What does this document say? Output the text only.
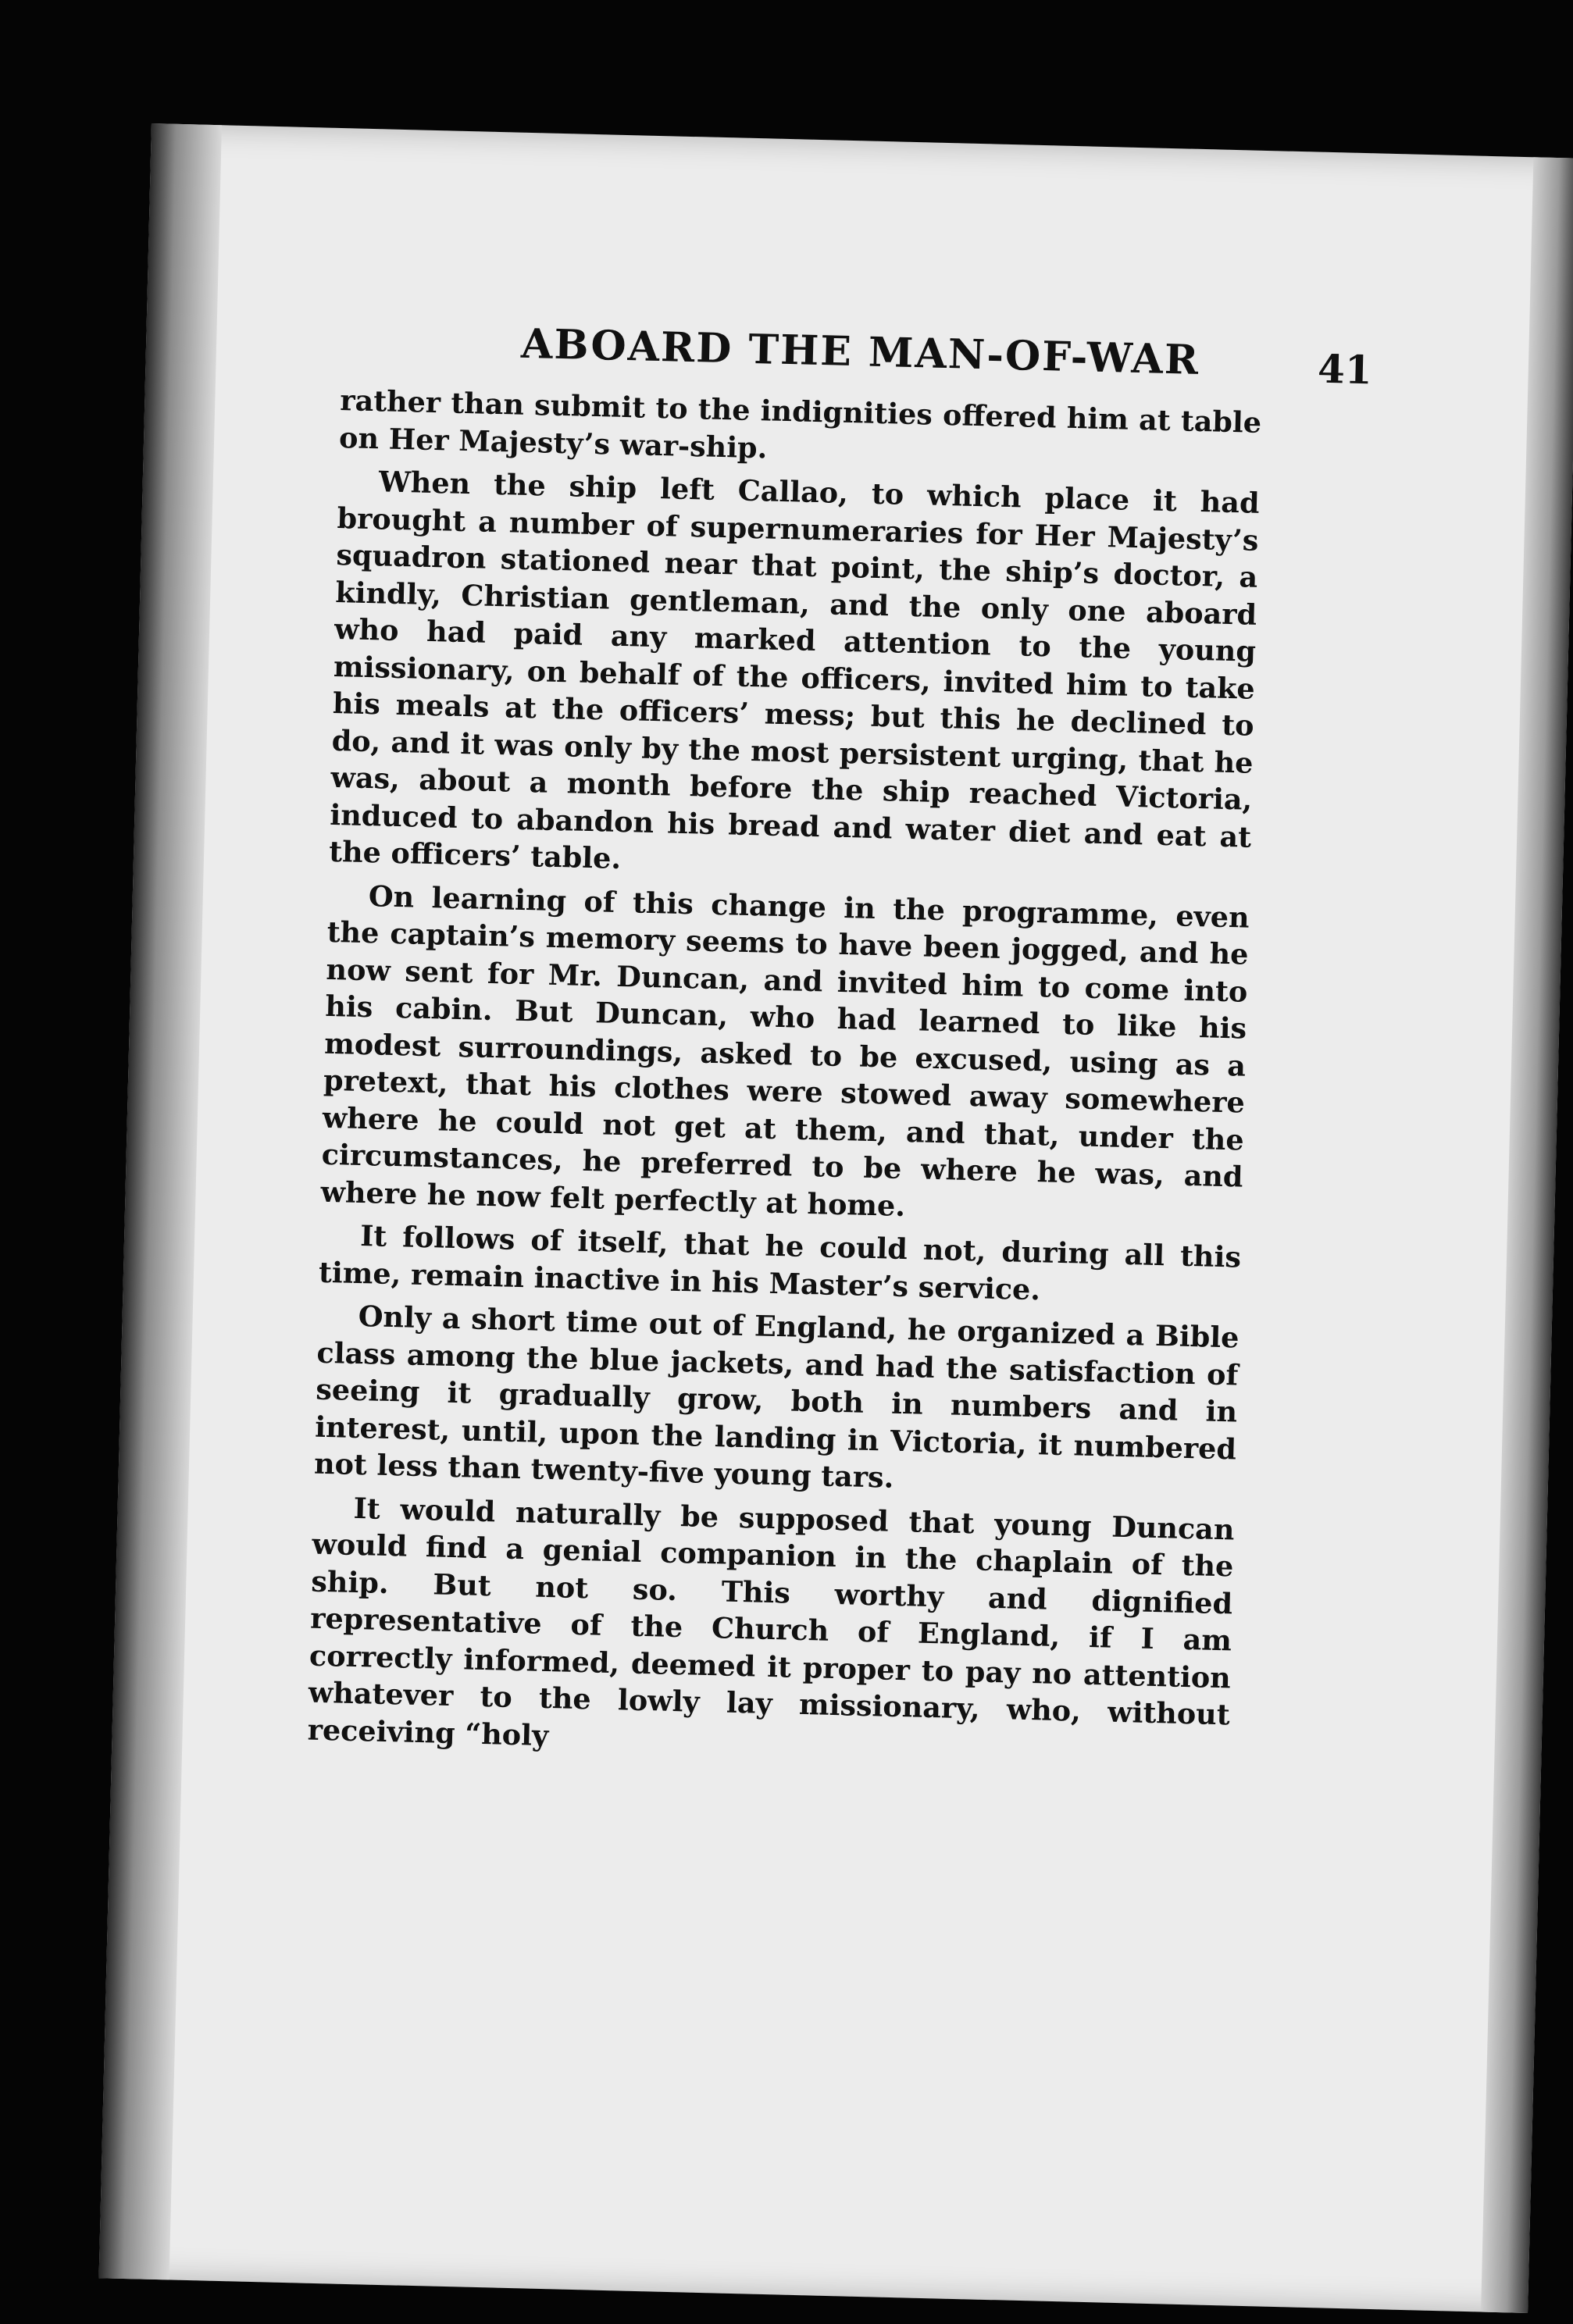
ABOARD THE MAN-OF-WAR	41

rather than submit to the indignities offered him at table on Her Majesty’s war-ship.

When the ship left Callao, to which place it had brought a number of supernumeraries for Her Majesty’s squadron stationed near that point, the ship’s doctor, a kindly, Christian gentleman, and the only one aboard who had paid any marked attention to the young missionary, on behalf of the officers, invited him to take his meals at the officers’ mess; but this he declined to do, and it was only by the most persistent urging, that he was, about a month before the ship reached Victoria, induced to abandon his bread and water diet and eat at the officers’ table.

On learning of this change in the programme, even the captain’s memory seems to have been jogged, and he now sent for Mr. Duncan, and invited him to come into his cabin. But Duncan, who had learned to like his modest surroundings, asked to be excused, using as a pretext, that his clothes were stowed away somewhere where he could not get at them, and that, under the circumstances, he preferred to be where he was, and where he now felt perfectly at home.

It follows of itself, that he could not, during all this time, remain inactive in his Master’s service.

Only a short time out of England, he organized a Bible class among the blue jackets, and had the satisfaction of seeing it gradually grow, both in numbers and in interest, until, upon the landing in Victoria, it numbered not less than twenty-five young tars.

It would naturally be supposed that young Duncan would find a genial companion in the chaplain of the ship. But not so. This worthy and dignified representative of the Church of England, if I am correctly informed, deemed it proper to pay no attention whatever to the lowly lay missionary, who, without receiving “holy
